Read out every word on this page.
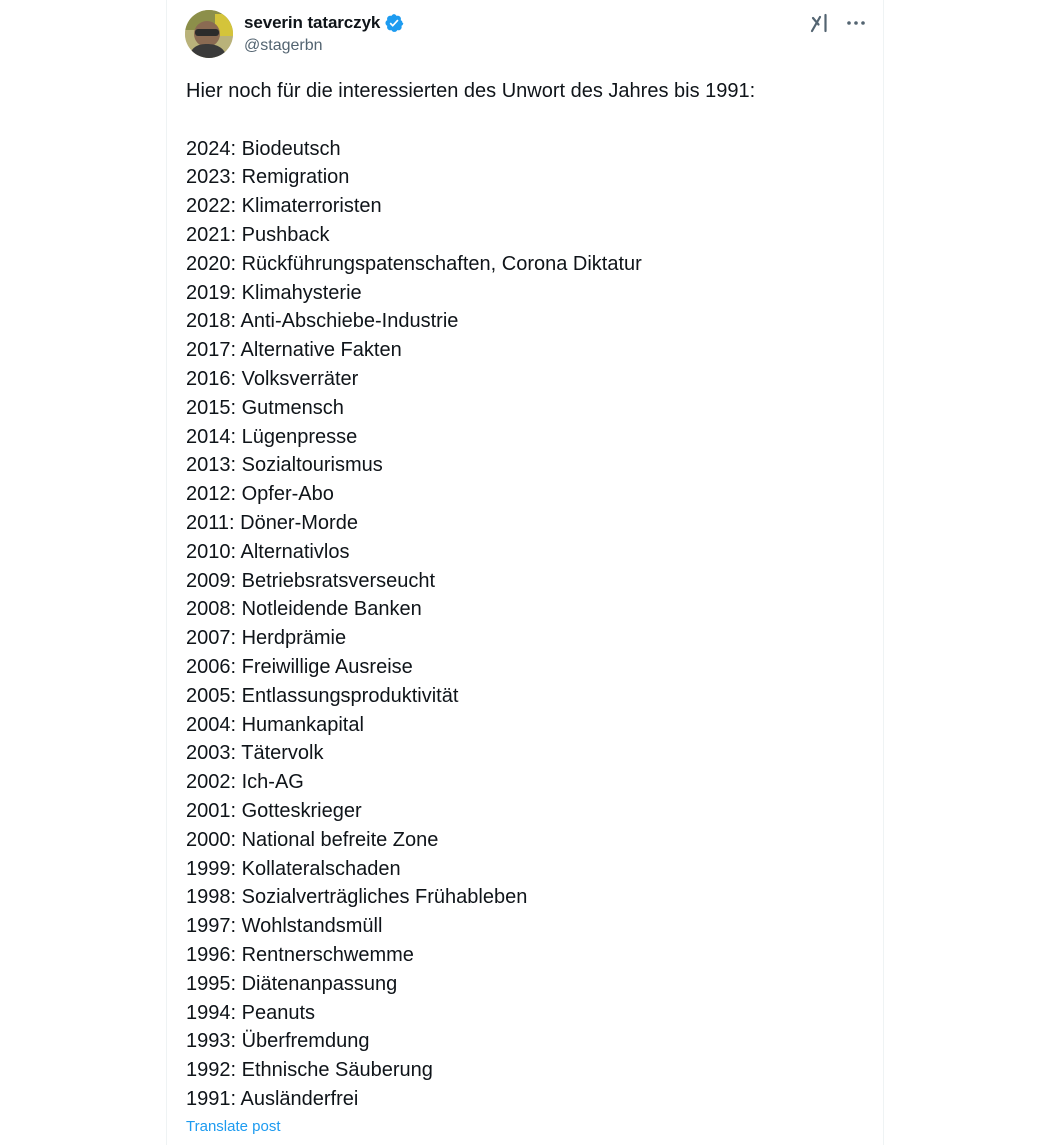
severin tatarczyk
@stagerbn
Hier noch für die interessierten des Unwort des Jahres bis 1991:
2024: Biodeutsch
2023: Remigration
2022: Klimaterroristen
2021: Pushback
2020: Rückführungspatenschaften, Corona Diktatur
2019: Klimahysterie
2018: Anti-Abschiebe-Industrie
2017: Alternative Fakten
2016: Volksverräter
2015: Gutmensch
2014: Lügenpresse
2013: Sozialtourismus
2012: Opfer-Abo
2011: Döner-Morde
2010: Alternativlos
2009: Betriebsratsverseucht
2008: Notleidende Banken
2007: Herdprämie
2006: Freiwillige Ausreise
2005: Entlassungsproduktivität
2004: Humankapital
2003: Tätervolk
2002: Ich-AG
2001: Gotteskrieger
2000: National befreite Zone
1999: Kollateralschaden
1998: Sozialverträgliches Frühableben
1997: Wohlstandsmüll
1996: Rentnerschwemme
1995: Diätenanpassung
1994: Peanuts
1993: Überfremdung
1992: Ethnische Säuberung
1991: Ausländerfrei
Translate post
